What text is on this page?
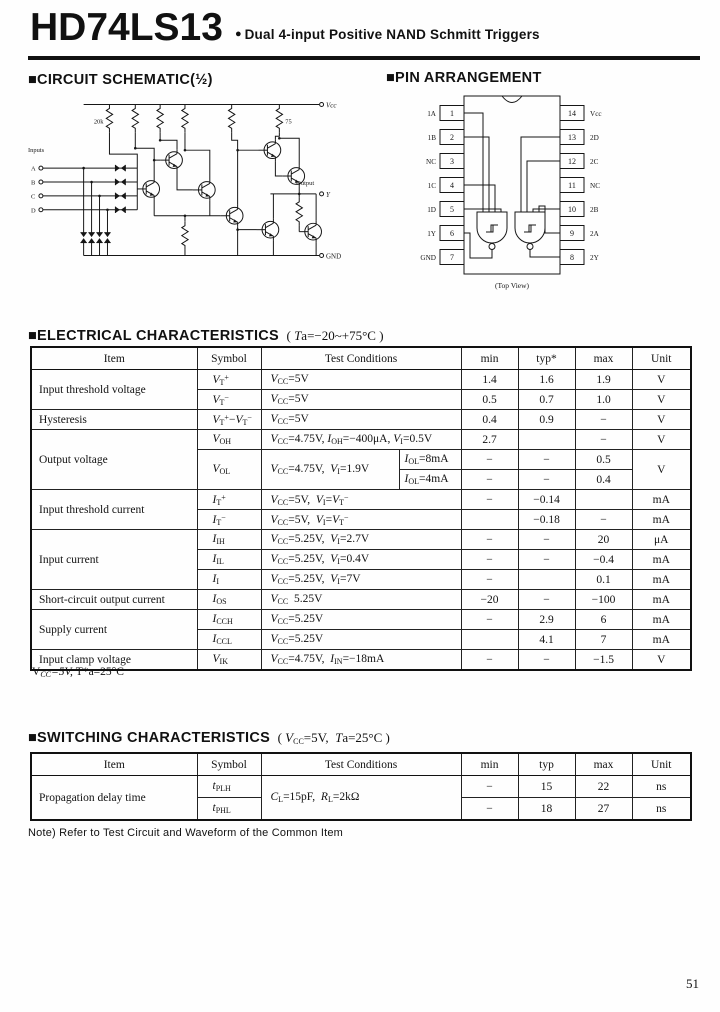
HD74LS13 ● Dual 4-input Positive NAND Schmitt Triggers
■CIRCUIT SCHEMATIC(½)	■PIN ARRANGEMENT
Vcc
GND
20k	75
Inputs
A
B
C
D
Output
Y
1
1A
2
1B
3
NC
4
1C
5
1D
6
1Y
7
GND
14 Vcc
13 2D
12 2C
11 NC
10 2B
9 2A
8 2Y
(Top View)
■ELECTRICAL CHARACTERISTICS ( Ta=−20~+75°C )
Item	Symbol	Test Conditions		min	typ*	max	Unit
Input threshold voltage	$V_T^+$	$V_{CC}=5V$		1.4	1.6	1.9	V
	$V_T^-$	$V_{CC}=5V$		0.5	0.7	1.0	V
Hysteresis	$V_T^+-V_T^-$	$V_{CC}=5V$		0.4	0.9	−	V
Output voltage	$V_{OH}$	$V_{CC}=4.75V$, $I_{OH}=-400\mu A$, $V_I=0.5V$		2.7		−	V
	$V_{OL}$	$V_{CC}=4.75V$, $V_I=1.9V$	$I_{OL}=8mA$	−	−	0.5	V
			$I_{OL}=4mA$	−	−	0.4	
Input threshold current	$I_T^+$	$V_{CC}=5V$, $V_I=V_T^-$		−	−0.14		mA
	$I_T^-$	$V_{CC}=5V$, $V_I=V_T^-$			−0.18	−	mA
Input current	$I_{IH}$	$V_{CC}=5.25V$, $V_I=2.7V$		−	−	20	μA
	$I_{IL}$	$V_{CC}=5.25V$, $V_I=0.4V$		−	−	−0.4	mA
	$I_I$	$V_{CC}=5.25V$, $V_I=7V$		−		0.1	mA
Short-circuit output current	$I_{OS}$	$V_{CC}$ 5.25V		−20	−	−100	mA
Supply current	$I_{CCH}$	$V_{CC}=5.25V$		−	2.9	6	mA
	$I_{CCL}$	$V_{CC}=5.25V$			4.1	7	mA
Input clamp voltage	$V_{IK}$	$V_{CC}=4.75V$, $I_{IN}=-18mA$		−	−	−1.5	V
$V_{CC}=5V$, T*a=25°C
■SWITCHING CHARACTERISTICS ( $V_{CC}=5V$, Ta=25°C )
Item	Symbol	Test Conditions	min	typ	max	Unit
Propagation delay time	$t_{PLH}$	$C_L=15pF$, $R_L=2k\Omega$	−	15	22	ns
	$t_{PHL}$		−	18	27	ns
Note) Refer to Test Circuit and Waveform of the Common Item
51
